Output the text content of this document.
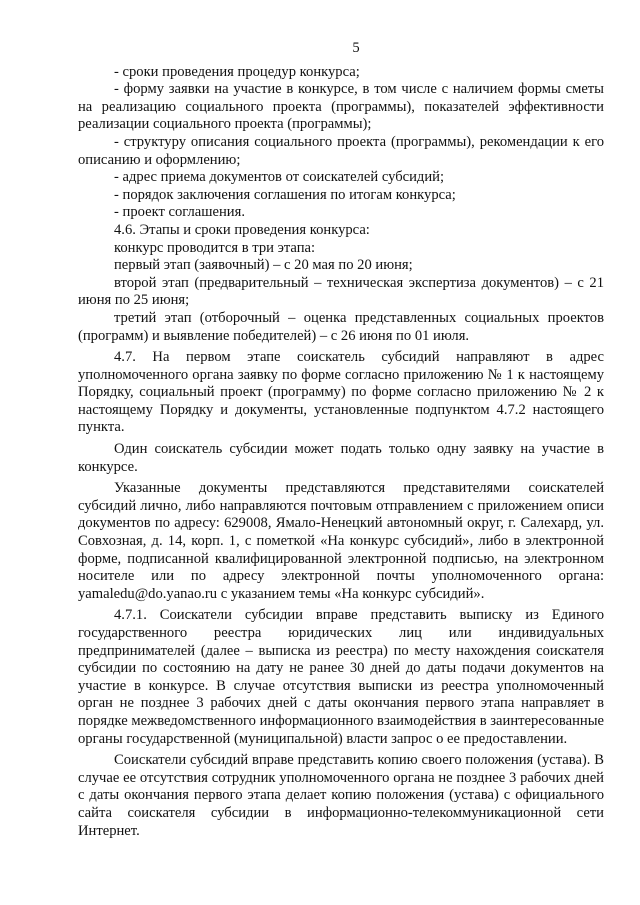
5

- сроки проведения процедур конкурса;

- форму заявки на участие в конкурсе, в том числе с наличием формы сметы на реализацию социального проекта (программы), показателей эффективности реализации социального проекта (программы);

- структуру описания социального проекта (программы), рекомендации к его описанию и оформлению;

- адрес приема документов от соискателей субсидий;

- порядок заключения соглашения по итогам конкурса;

- проект соглашения.

4.6. Этапы и сроки проведения конкурса:

конкурс проводится в три этапа:

первый этап (заявочный) – с 20 мая по 20 июня;

второй этап (предварительный – техническая экспертиза документов) – с 21 июня по 25 июня;

третий этап (отборочный – оценка представленных социальных проектов (программ) и выявление победителей) – с 26 июня по 01 июля.

4.7. На первом этапе соискатель субсидий направляют в адрес уполномоченного органа заявку по форме согласно приложению № 1 к настоящему Порядку, социальный проект (программу) по форме согласно приложению № 2 к настоящему Порядку и документы, установленные подпунктом 4.7.2 настоящего пункта.

Один соискатель субсидии может подать только одну заявку на участие в конкурсе.

Указанные документы представляются представителями соискателей субсидий лично, либо направляются почтовым отправлением с приложением описи документов по адресу: 629008, Ямало-Ненецкий автономный округ, г. Салехард, ул. Совхозная, д. 14, корп. 1, с пометкой «На конкурс субсидий», либо в электронной форме, подписанной квалифицированной электронной подписью, на электронном носителе или по адресу электронной почты уполномоченного органа: yamaledu@do.yanao.ru с указанием темы «На конкурс субсидий».

4.7.1. Соискатели субсидии вправе представить выписку из Единого государственного реестра юридических лиц или индивидуальных предпринимателей (далее – выписка из реестра) по месту нахождения соискателя субсидии по состоянию на дату не ранее 30 дней до даты подачи документов на участие в конкурсе. В случае отсутствия выписки из реестра уполномоченный орган не позднее 3 рабочих дней с даты окончания первого этапа направляет в порядке межведомственного информационного взаимодействия в заинтересованные органы государственной (муниципальной) власти запрос о ее предоставлении.

Соискатели субсидий вправе представить копию своего положения (устава). В случае ее отсутствия сотрудник уполномоченного органа не позднее 3 рабочих дней с даты окончания первого этапа делает копию положения (устава) с официального сайта соискателя субсидии в информационно-телекоммуникационной сети Интернет.
